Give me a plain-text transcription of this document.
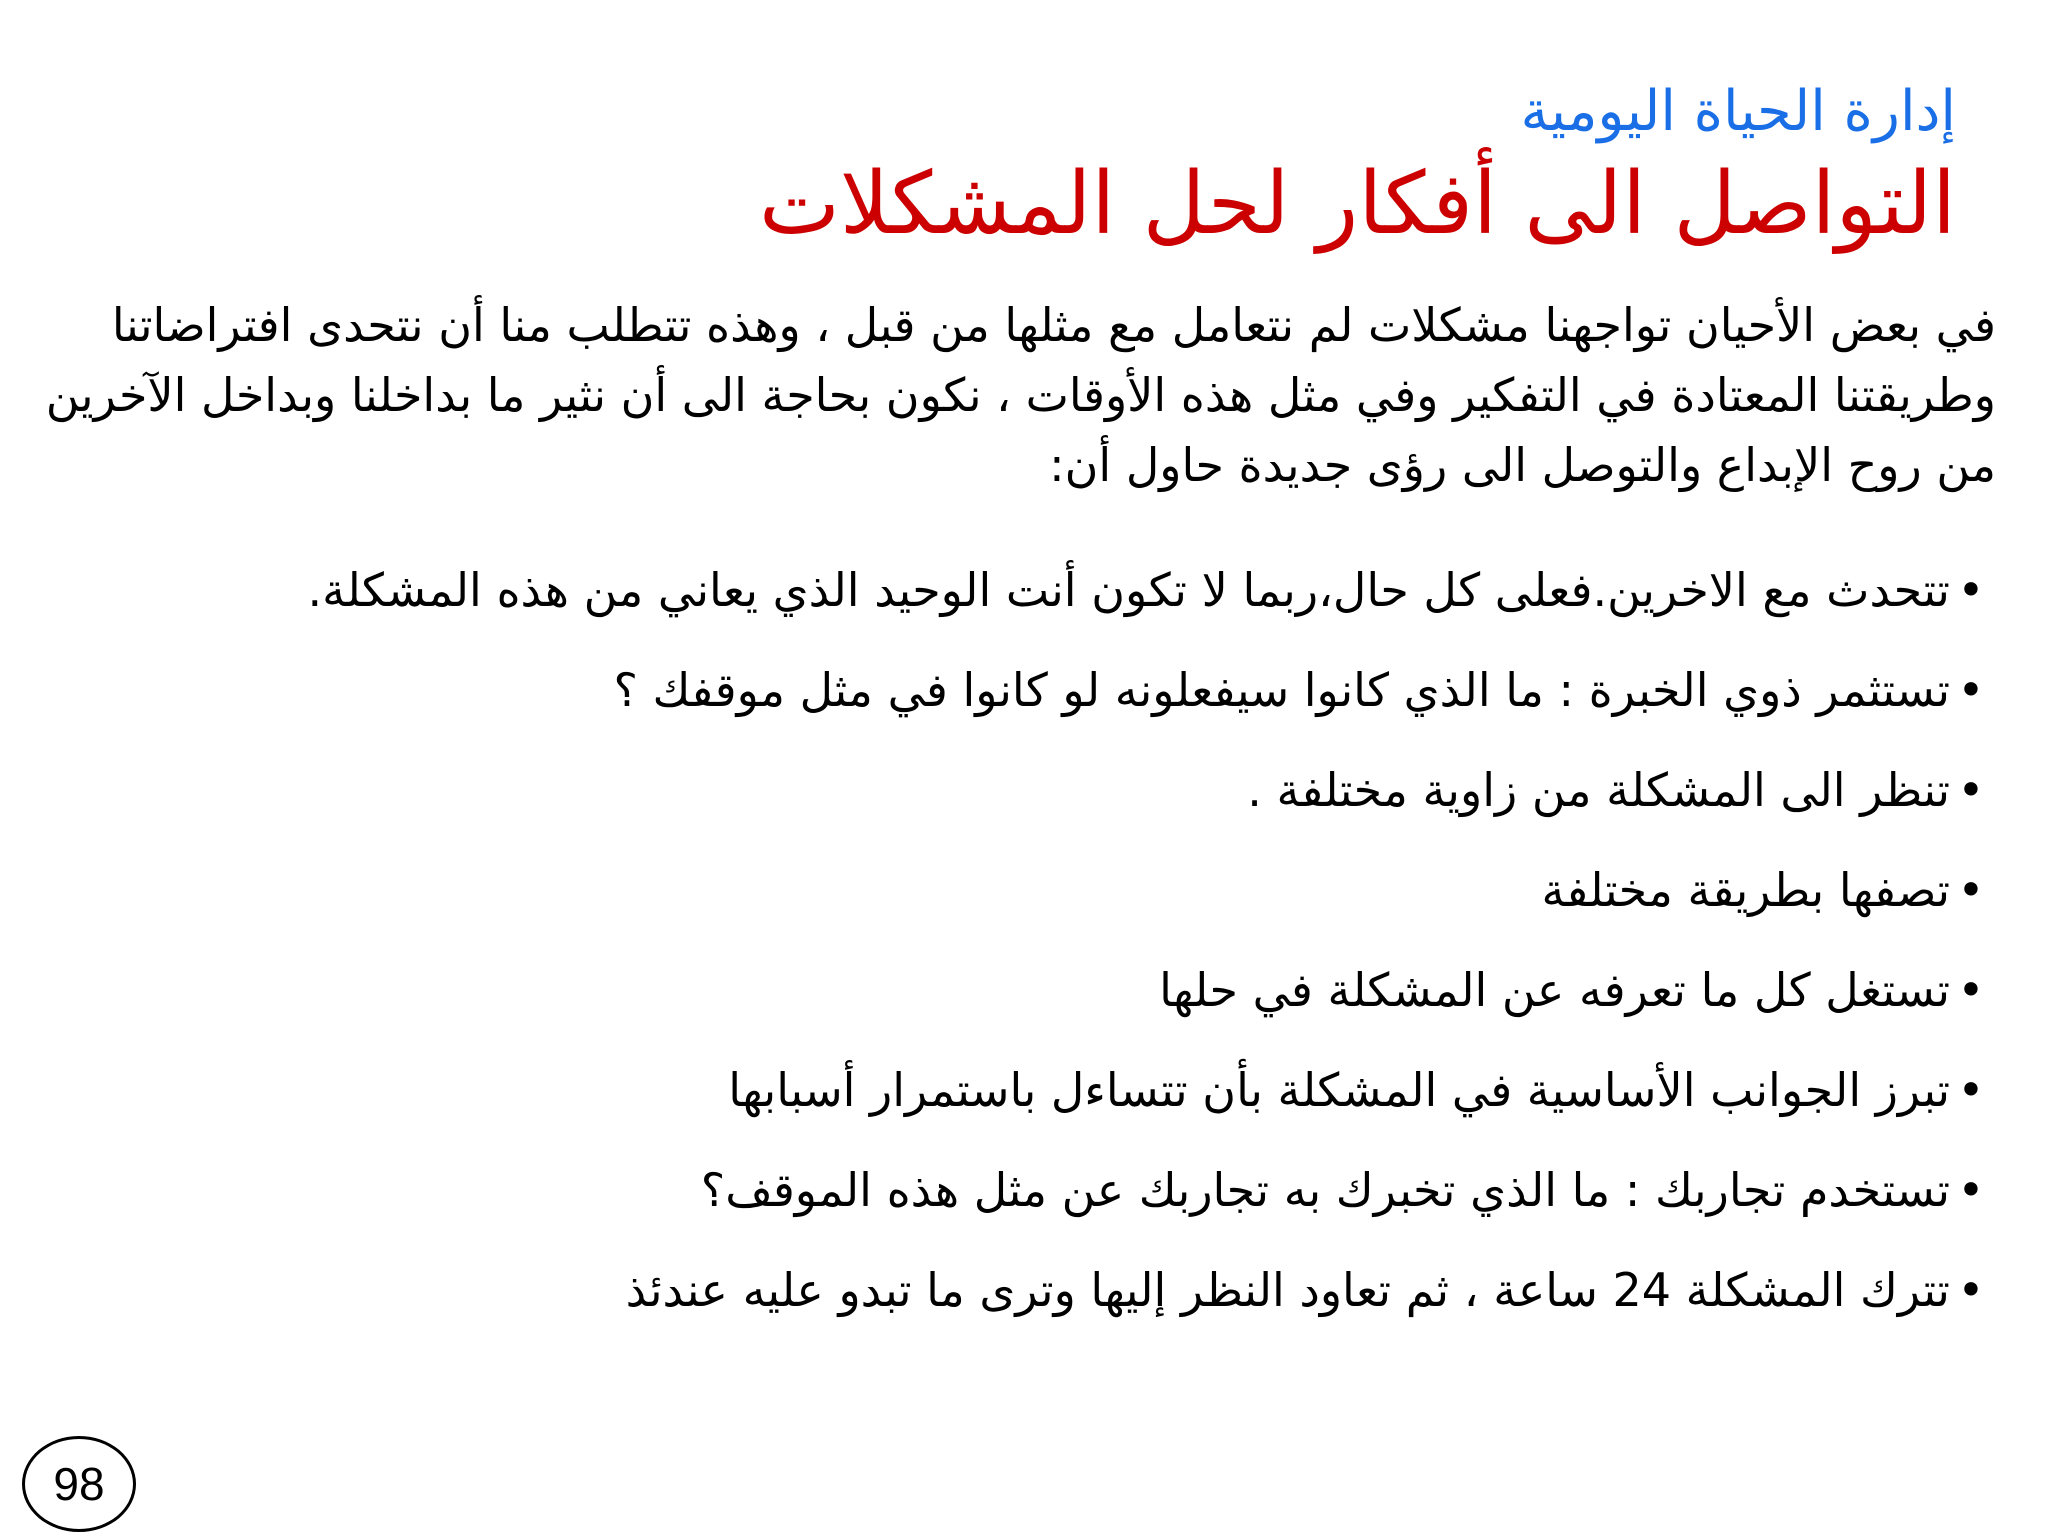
إدارة الحياة اليومية
التواصل الى أفكار لحل المشكلات
في بعض الأحيان تواجهنا مشكلات لم نتعامل مع مثلها من قبل ، وهذه تتطلب منا أن نتحدى افتراضاتنا وطريقتنا المعتادة في التفكير وفي مثل هذه الأوقات ، نكون بحاجة الى أن نثير ما بداخلنا وبداخل الآخرين من روح الإبداع والتوصل الى رؤى جديدة حاول أن:
•
تتحدث مع الاخرين.فعلى كل حال،ربما لا تكون أنت الوحيد الذي يعاني من هذه المشكلة.
•
تستثمر ذوي الخبرة : ما الذي كانوا سيفعلونه لو كانوا في مثل موقفك ؟
•
تنظر الى المشكلة من زاوية مختلفة .
•
تصفها بطريقة مختلفة
•
تستغل كل ما تعرفه عن المشكلة في حلها
•
تبرز الجوانب الأساسية في المشكلة بأن تتساءل باستمرار أسبابها
•
تستخدم تجاربك : ما الذي تخبرك به تجاربك عن مثل هذه الموقف؟
•
تترك المشكلة 24 ساعة ، ثم تعاود النظر إليها وترى ما تبدو عليه عندئذ
98
